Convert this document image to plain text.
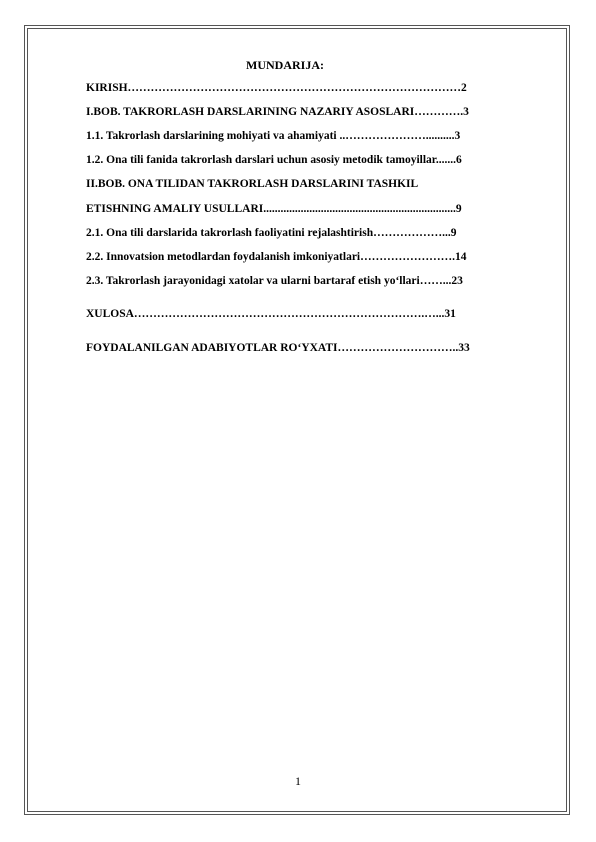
MUNDARIJA:
KIRISH……………………………………………………………………………2
I.BOB. TAKRORLASH DARSLARINING NAZARIY ASOSLARI………….3
1.1. Takrorlash darslarining mohiyati va ahamiyati ..…………………..........3
1.2. Ona tili fanida takrorlash darslari uchun asosiy metodik tamoyillar.......6
II.BOB. ONA TILIDAN TAKRORLASH DARSLARINI TASHKIL
ETISHNING AMALIY USULLARI...................................................................9
2.1. Ona tili darslarida takrorlash faoliyatini rejalashtirish………………...9
2.2. Innovatsion metodlardan foydalanish imkoniyatlari…………………….14
2.3. Takrorlash jarayonidagi xatolar va ularni bartaraf etish yo‘llari……...23
XULOSA………………………………………………………………….…...31
FOYDALANILGAN ADABIYOTLAR RO‘YXATI…………………………..33
1
